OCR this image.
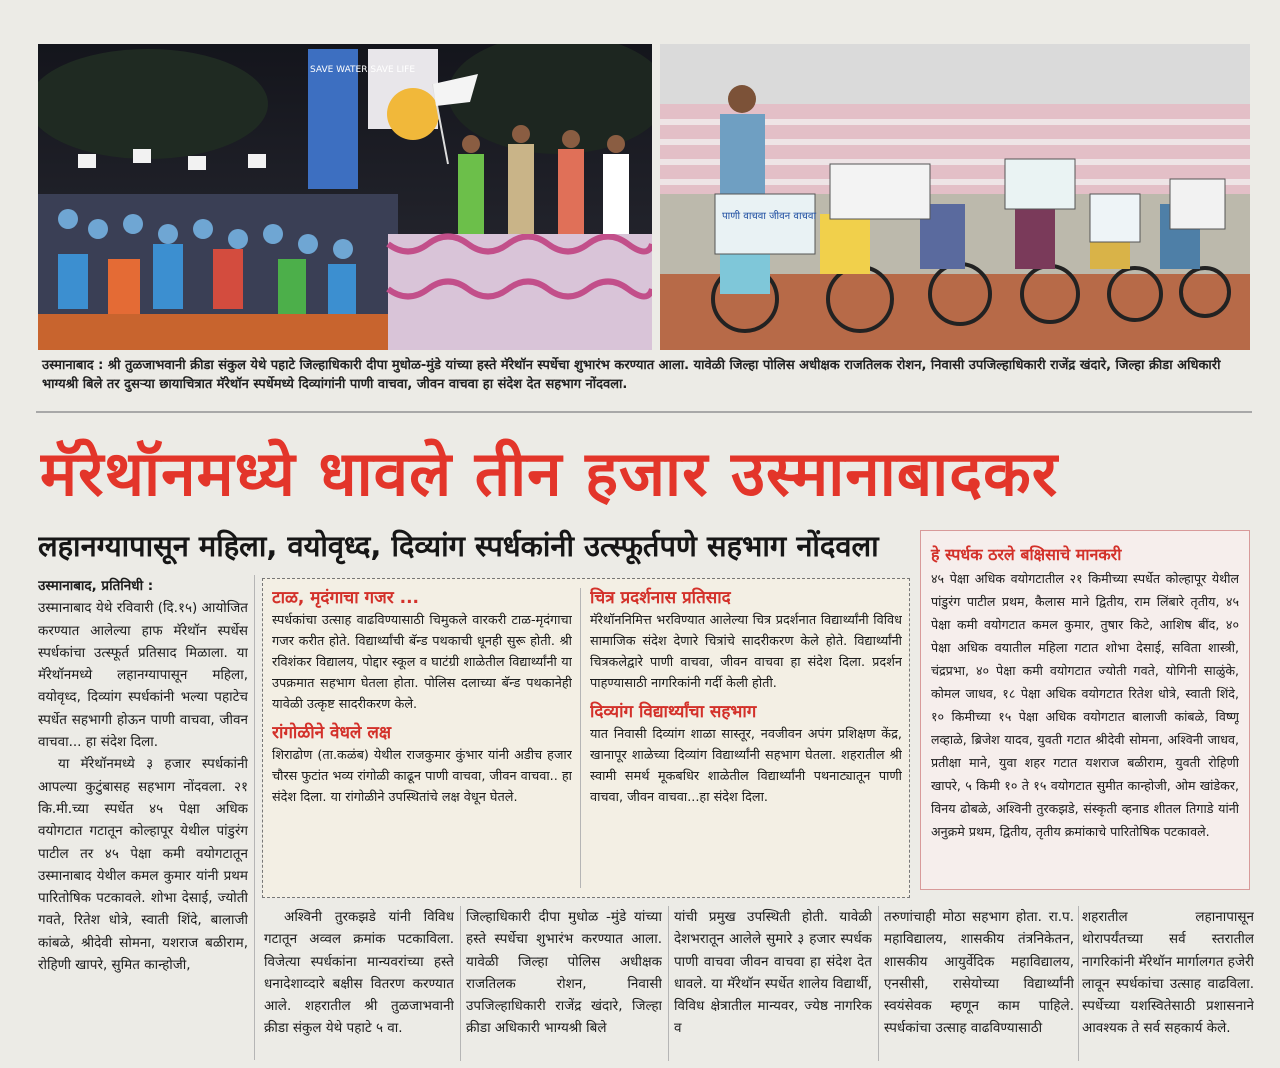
SAVE WATER SAVE LIFE
पाणी वाचवा जीवन वाचवा
उस्मानाबाद : श्री तुळजाभवानी क्रीडा संकुल येथे पहाटे जिल्हाधिकारी दीपा मुधोळ-मुंडे यांच्या हस्ते मॅरेथॉन स्पर्धेचा शुभारंभ करण्यात आला. यावेळी जिल्हा पोलिस अधीक्षक राजतिलक रोशन, निवासी उपजिल्हाधिकारी राजेंद्र खंदारे, जिल्हा क्रीडा अधिकारी भाग्यश्री बिले तर दुसऱ्या छायाचित्रात मॅरेथॉन स्पर्धेमध्ये दिव्यांगांनी पाणी वाचवा, जीवन वाचवा हा संदेश देत सहभाग नोंदवला.
मॅरेथॉनमध्ये धावले तीन हजार उस्मानाबादकर
लहानग्यापासून महिला, वयोवृध्द, दिव्यांग स्पर्धकांनी उत्स्फूर्तपणे सहभाग नोंदवला

उस्मानाबाद, प्रतिनिधी :

उस्मानाबाद येथे रविवारी (दि.१५) आयोजित करण्यात आलेल्या हाफ मॅरेथॉन स्पर्धेस स्पर्धकांचा उत्स्फूर्त प्रतिसाद मिळाला. या मॅरेथॉनमध्ये लहानग्यापासून महिला, वयोवृध्द, दिव्यांग स्पर्धकांनी भल्या पहाटेच स्पर्धेत सहभागी होऊन पाणी वाचवा, जीवन वाचवा... हा संदेश दिला.

या मॅरेथॉनमध्ये ३ हजार स्पर्धकांनी आपल्या कुटुंबासह सहभाग नोंदवला. २१ कि.मी.च्या स्पर्धेत ४५ पेक्षा अधिक वयोगटात गटातून कोल्हापूर येथील पांडुरंग पाटील तर ४५ पेक्षा कमी वयोगटातून उस्मानाबाद येथील कमल कुमार यांनी प्रथम पारितोषिक पटकावले. शोभा देसाई, ज्योती गवते, रितेश धोत्रे, स्वाती शिंदे, बालाजी कांबळे, श्रीदेवी सोमना, यशराज बळीराम, रोहिणी खापरे, सुमित कान्होजी,

टाळ, मृदंगाचा गजर ...
स्पर्धकांचा उत्साह वाढविण्यासाठी चिमुकले वारकरी टाळ-मृदंगाचा गजर करीत होते. विद्यार्थ्यांची बॅन्ड पथकाची धूनही सुरू होती. श्री रविशंकर विद्यालय, पोद्दार स्कूल व घाटंग्री शाळेतील विद्यार्थ्यांनी या उपक्रमात सहभाग घेतला होता. पोलिस दलाच्या बॅन्ड पथकानेही यावेळी उत्कृष्ट सादरीकरण केले.
रांगोळीने वेधले लक्ष
शिराढोण (ता.कळंब) येथील राजकुमार कुंभार यांनी अडीच हजार चौरस फुटांत भव्य रांगोळी काढून पाणी वाचवा, जीवन वाचवा.. हा संदेश दिला. या रांगोळीने उपस्थितांचे लक्ष वेधून घेतले.
चित्र प्रदर्शनास प्रतिसाद
मॅरेथॉननिमित्त भरविण्यात आलेल्या चित्र प्रदर्शनात विद्यार्थ्यांनी विविध सामाजिक संदेश देणारे चित्रांचे सादरीकरण केले होते. विद्यार्थ्यांनी चित्रकलेद्वारे पाणी वाचवा, जीवन वाचवा हा संदेश दिला. प्रदर्शन पाहण्यासाठी नागरिकांनी गर्दी केली होती.
दिव्यांग विद्यार्थ्यांचा सहभाग
यात निवासी दिव्यांग शाळा सास्तूर, नवजीवन अपंग प्रशिक्षण केंद्र, खानापूर शाळेच्या दिव्यांग विद्यार्थ्यांनी सहभाग घेतला. शहरातील श्री स्वामी समर्थ मूकबधिर शाळेतील विद्यार्थ्यांनी पथनाट्यातून पाणी वाचवा, जीवन वाचवा...हा संदेश दिला.
हे स्पर्धक ठरले बक्षिसाचे मानकरी
४५ पेक्षा अधिक वयोगटातील २१ किमीच्या स्पर्धेत कोल्हापूर येथील पांडुरंग पाटील प्रथम, कैलास माने द्वितीय, राम लिंबारे तृतीय, ४५ पेक्षा कमी वयोगटात कमल कुमार, तुषार किटे, आशिष बींद, ४० पेक्षा अधिक वयातील महिला गटात शोभा देसाई, सविता शास्त्री, चंद्रप्रभा, ४० पेक्षा कमी वयोगटात ज्योती गवते, योगिनी साळुंके, कोमल जाधव, १८ पेक्षा अधिक वयोगटात रितेश धोत्रे, स्वाती शिंदे, १० किमीच्या १५ पेक्षा अधिक वयोगटात बालाजी कांबळे, विष्णू लव्हाळे, ब्रिजेश यादव, युवती गटात श्रीदेवी सोमना, अश्विनी जाधव, प्रतीक्षा माने, युवा शहर गटात यशराज बळीराम, युवती रोहिणी खापरे, ५ किमी १० ते १५ वयोगटात सुमीत कान्होजी, ओम खांडेकर, विनय ढोबळे, अश्विनी तुरकझडे, संस्कृती व्हनाड शीतल तिगाडे यांनी अनुक्रमे प्रथम, द्वितीय, तृतीय क्रमांकाचे पारितोषिक पटकावले.

अश्विनी तुरकझडे यांनी विविध गटातून अव्वल क्रमांक पटकाविला. विजेत्या स्पर्धकांना मान्यवरांच्या हस्ते धनादेशाव्दारे बक्षीस वितरण करण्यात आले. शहरातील श्री तुळजाभवानी क्रीडा संकुल येथे पहाटे ५ वा.

जिल्हाधिकारी दीपा मुधोळ -मुंडे यांच्या हस्ते स्पर्धेचा शुभारंभ करण्यात आला. यावेळी जिल्हा पोलिस अधीक्षक राजतिलक रोशन, निवासी उपजिल्हाधिकारी राजेंद्र खंदारे, जिल्हा क्रीडा अधिकारी भाग्यश्री बिले

यांची प्रमुख उपस्थिती होती. यावेळी देशभरातून आलेले सुमारे ३ हजार स्पर्धक पाणी वाचवा जीवन वाचवा हा संदेश देत धावले. या मॅरेथॉन स्पर्धेत शालेय विद्यार्थी, विविध क्षेत्रातील मान्यवर, ज्येष्ठ नागरिक व

तरुणांचाही मोठा सहभाग होता. रा.प. महाविद्यालय, शासकीय तंत्रनिकेतन, शासकीय आयुर्वेदिक महाविद्यालय, एनसीसी, रासेयोच्या विद्यार्थ्यांनी स्वयंसेवक म्हणून काम पाहिले. स्पर्धकांचा उत्साह वाढविण्यासाठी

शहरातील लहानापासून थोरापर्यंतच्या सर्व स्तरातील नागरिकांनी मॅरेथॉन मार्गालगत हजेरी लावून स्पर्धकांचा उत्साह वाढविला. स्पर्धेच्या यशस्वितेसाठी प्रशासनाने आवश्यक ते सर्व सहकार्य केले.
